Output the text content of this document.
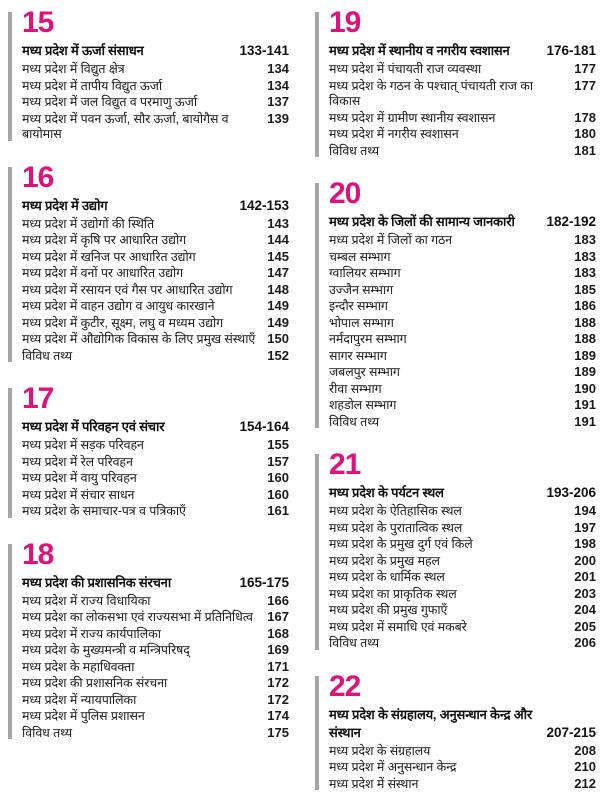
15
मध्य प्रदेश में ऊर्जा संसाधन	133-141
मध्य प्रदेश में विद्युत क्षेत्र	134
मध्य प्रदेश में तापीय विद्युत ऊर्जा	134
मध्य प्रदेश में जल विद्युत व परमाणु ऊर्जा	137
मध्य प्रदेश में पवन ऊर्जा, सौर ऊर्जा, बायोगैस व बायोमास
139
16
मध्य प्रदेश में उद्योग	142-153
मध्य प्रदेश में उद्योगों की स्थिति	143
मध्य प्रदेश में कृषि पर आधारित उद्योग	144
मध्य प्रदेश में खनिज पर आधारित उद्योग	145
मध्य प्रदेश में वनों पर आधारित उद्योग	147
मध्य प्रदेश में रसायन एवं गैस पर आधारित उद्योग	148
मध्य प्रदेश में वाहन उद्योग व आयुध कारखाने	149
मध्य प्रदेश में कुटीर, सूक्ष्म, लघु व मध्यम उद्योग	149
मध्य प्रदेश में औद्योगिक विकास के लिए प्रमुख संस्थाएँ 150
विविध तथ्य	152
17
मध्य प्रदेश में परिवहन एवं संचार	154-164
मध्य प्रदेश में सड़क परिवहन	155
मध्य प्रदेश में रेल परिवहन	157
मध्य प्रदेश में वायु परिवहन	160
मध्य प्रदेश में संचार साधन	160
मध्य प्रदेश के समाचार-पत्र व पत्रिकाएँ	161
18
मध्य प्रदेश की प्रशासनिक संरचना	165-175
मध्य प्रदेश में राज्य विधायिका	166
मध्य प्रदेश का लोकसभा एवं राज्यसभा में प्रतिनिधित्व 167
मध्य प्रदेश में राज्य कार्यपालिका	168
मध्य प्रदेश के मुख्यमन्त्री व मन्त्रिपरिषद्	169
मध्य प्रदेश के महाधिवक्ता	171
मध्य प्रदेश की प्रशासनिक संरचना	172
मध्य प्रदेश में न्यायपालिका	172
मध्य प्रदेश में पुलिस प्रशासन	174
विविध तथ्य	175
19
मध्य प्रदेश में स्थानीय व नगरीय स्वशासन	176-181
मध्य प्रदेश में पंचायती राज व्यवस्था	177
मध्य प्रदेश के गठन के पश्चात् पंचायती राज का विकास
177
मध्य प्रदेश में ग्रामीण स्थानीय स्वशासन	178
मध्य प्रदेश में नगरीय स्वशासन	180
विविध तथ्य	181
20
मध्य प्रदेश के जिलों की सामान्य जानकारी 182-192
मध्य प्रदेश में जिलों का गठन	183
चम्बल सम्भाग	183
ग्वालियर सम्भाग	183
उज्जैन सम्भाग	185
इन्दौर सम्भाग	186
भोपाल सम्भाग	188
नर्मदापुरम सम्भाग	188
सागर सम्भाग	189
जबलपुर सम्भाग	189
रीवा सम्भाग	190
शहडोल सम्भाग	191
विविध तथ्य	191
21
मध्य प्रदेश के पर्यटन स्थल	193-206
मध्य प्रदेश के ऐतिहासिक स्थल	194
मध्य प्रदेश के पुरातात्विक स्थल	197
मध्य प्रदेश के प्रमुख दुर्ग एवं किले	198
मध्य प्रदेश के प्रमुख महल	200
मध्य प्रदेश के धार्मिक स्थल	201
मध्य प्रदेश का प्राकृतिक स्थल	203
मध्य प्रदेश की प्रमुख गुफाएँ	204
मध्य प्रदेश में समाधि एवं मकबरे	205
विविध तथ्य	206
22
मध्य प्रदेश के संग्रहालय, अनुसन्धान केन्द्र और संस्थान	207-215
मध्य प्रदेश के संग्रहालय	208
मध्य प्रदेश में अनुसन्धान केन्द्र	210
मध्य प्रदेश में संस्थान	212
